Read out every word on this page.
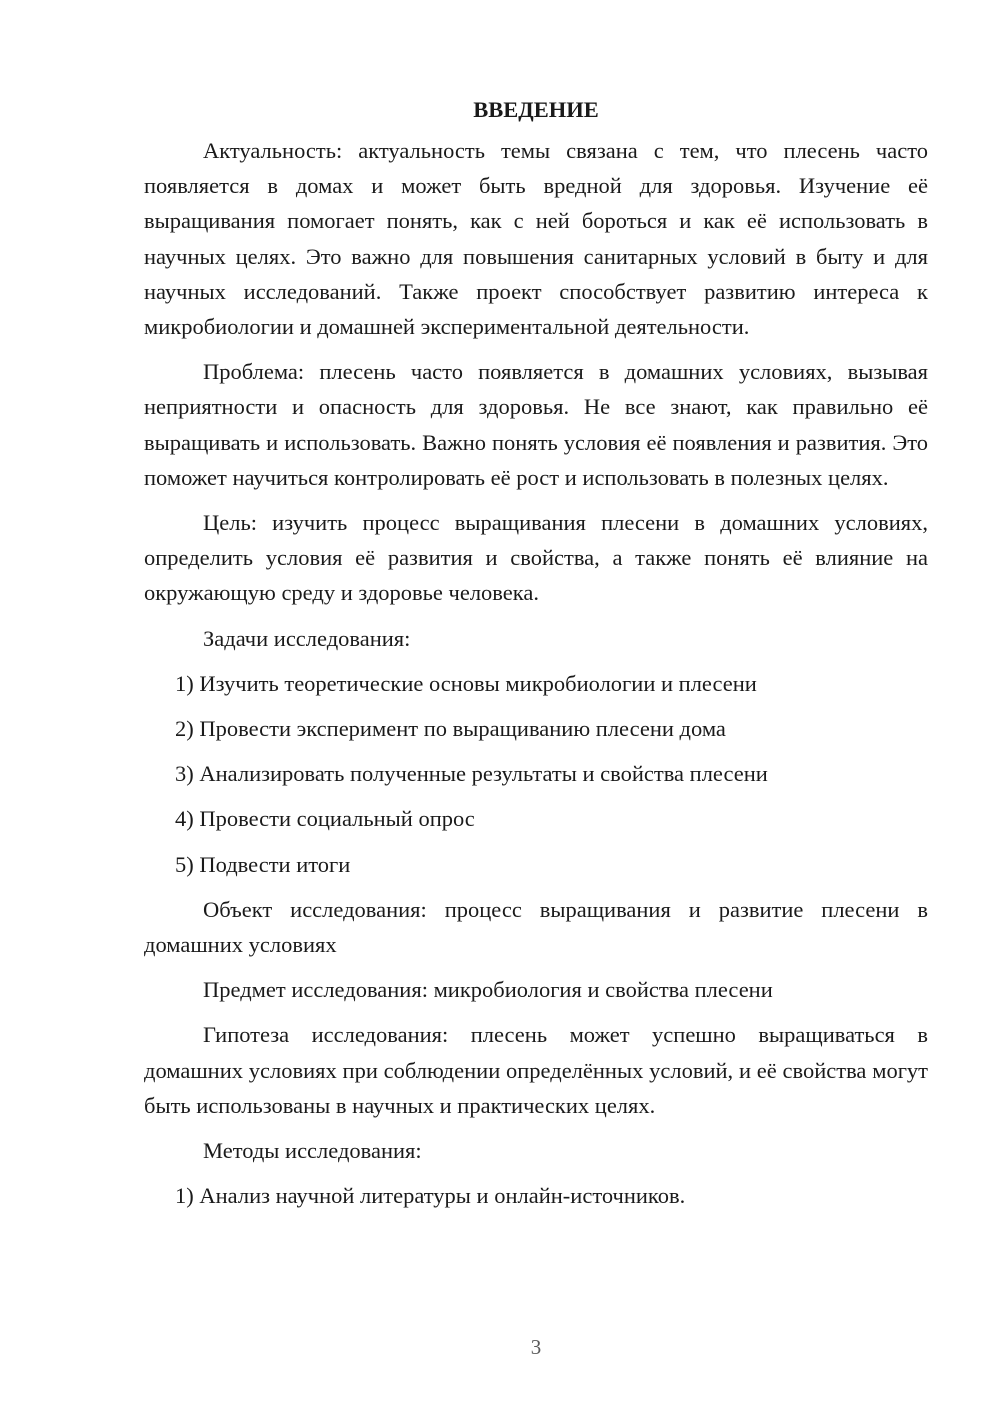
ВВЕДЕНИЕ

Актуальность: актуальность темы связана с тем, что плесень часто появляется в домах и может быть вредной для здоровья. Изучение её выращивания помогает понять, как с ней бороться и как её использовать в научных целях. Это важно для повышения санитарных условий в быту и для научных исследований. Также проект способствует развитию интереса к микробиологии и домашней экспериментальной деятельности.

Проблема: плесень часто появляется в домашних условиях, вызывая неприятности и опасность для здоровья. Не все знают, как правильно её выращивать и использовать. Важно понять условия её появления и развития. Это поможет научиться контролировать её рост и использовать в полезных целях.

Цель: изучить процесс выращивания плесени в домашних условиях, определить условия её развития и свойства, а также понять её влияние на окружающую среду и здоровье человека.

Задачи исследования:
1) Изучить теоретические основы микробиологии и плесени
2) Провести эксперимент по выращиванию плесени дома
3) Анализировать полученные результаты и свойства плесени
4) Провести социальный опрос
5) Подвести итоги

Объект исследования: процесс выращивания и развитие плесени в домашних условиях

Предмет исследования: микробиология и свойства плесени

Гипотеза исследования: плесень может успешно выращиваться в домашних условиях при соблюдении определённых условий, и её свойства могут быть использованы в научных и практических целях.

Методы исследования:
1) Анализ научной литературы и онлайн-источников.
3
